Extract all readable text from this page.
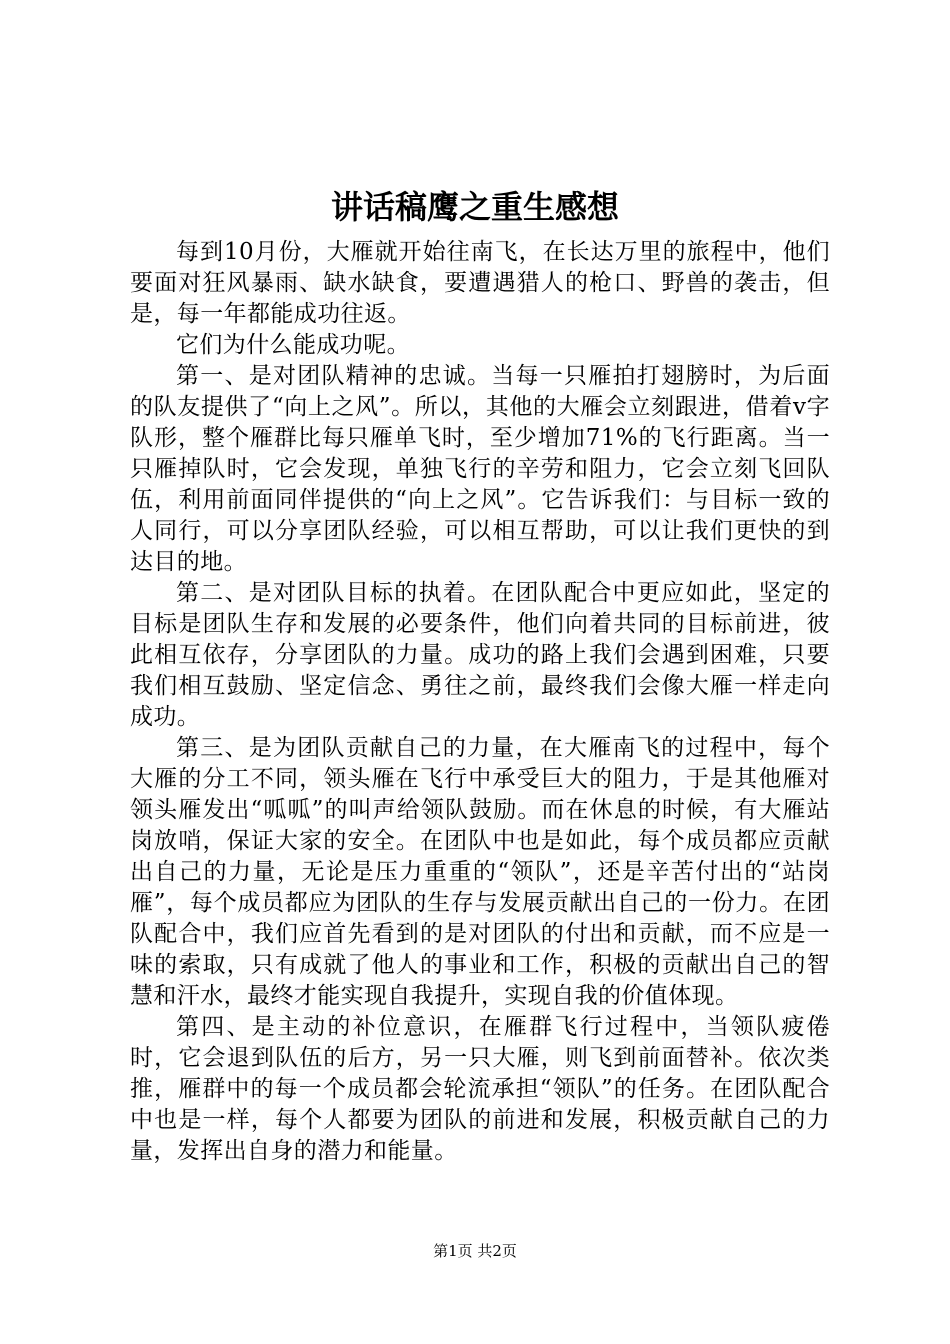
讲话稿鹰之重生感想

每到10月份，大雁就开始往南飞，在长达万里的旅程中，他们要面对狂风暴雨、缺水缺食，要遭遇猎人的枪口、野兽的袭击，但是，每一年都能成功往返。

它们为什么能成功呢。

第一、是对团队精神的忠诚。当每一只雁拍打翅膀时，为后面的队友提供了“向上之风”。所以，其他的大雁会立刻跟进，借着v字队形，整个雁群比每只雁单飞时，至少增加71%的飞行距离。当一只雁掉队时，它会发现，单独飞行的辛劳和阻力，它会立刻飞回队伍，利用前面同伴提供的“向上之风”。它告诉我们：与目标一致的人同行，可以分享团队经验，可以相互帮助，可以让我们更快的到达目的地。

第二、是对团队目标的执着。在团队配合中更应如此，坚定的目标是团队生存和发展的必要条件，他们向着共同的目标前进，彼此相互依存，分享团队的力量。成功的路上我们会遇到困难，只要我们相互鼓励、坚定信念、勇往之前，最终我们会像大雁一样走向成功。

第三、是为团队贡献自己的力量，在大雁南飞的过程中，每个大雁的分工不同，领头雁在飞行中承受巨大的阻力，于是其他雁对领头雁发出“呱呱”的叫声给领队鼓励。而在休息的时候，有大雁站岗放哨，保证大家的安全。在团队中也是如此，每个成员都应贡献出自己的力量，无论是压力重重的“领队”，还是辛苦付出的“站岗雁”，每个成员都应为团队的生存与发展贡献出自己的一份力。在团队配合中，我们应首先看到的是对团队的付出和贡献，而不应是一味的索取，只有成就了他人的事业和工作，积极的贡献出自己的智慧和汗水，最终才能实现自我提升，实现自我的价值体现。

第四、是主动的补位意识，在雁群飞行过程中，当领队疲倦时，它会退到队伍的后方，另一只大雁，则飞到前面替补。依次类推，雁群中的每一个成员都会轮流承担“领队”的任务。在团队配合中也是一样，每个人都要为团队的前进和发展，积极贡献自己的力量，发挥出自身的潜力和能量。

第1页 共2页
